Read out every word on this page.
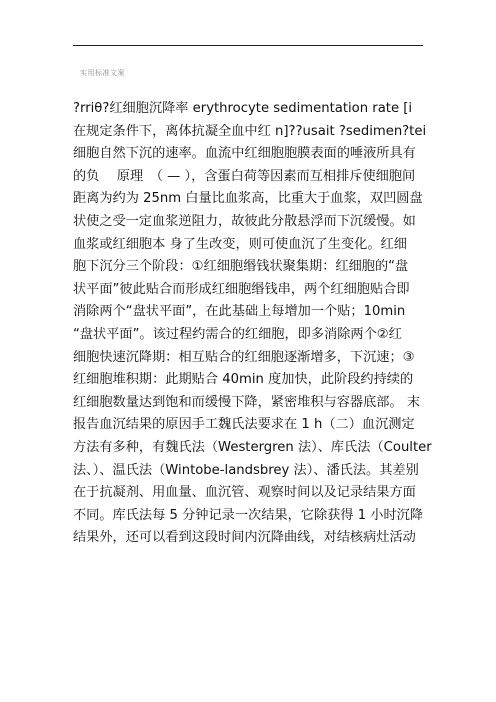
实用标准文案
?rriθ?红细胞沉降率 erythrocyte sedimentation rate [i
在规定条件下，离体抗凝全血中红 n]??usait ?sedimen?tei
细胞自然下沉的速率。血流中红细胞胞膜表面的唾液所具有
的负　 原理　（ — ），含蛋白荷等因素而互相排斥使细胞间
距离为约为 25nm 白量比血浆高，比重大于血浆，双凹圆盘
状使之受一定血浆逆阻力，故彼此分散悬浮而下沉缓慢。如
血浆或红细胞本 身了生改变，则可使血沉了生变化。红细
胞下沉分三个阶段：①红细胞缗钱状聚集期：红细胞的“盘
状平面”彼此贴合而形成红细胞缗钱串，两个红细胞贴合即
消除两个“盘状平面”，在此基础上每增加一个贴；10min
“盘状平面”。该过程约需合的红细胞，即多消除两个②红
细胞快速沉降期：相互贴合的红细胞逐渐增多，下沉速；③
红细胞堆积期：此期贴合 40min 度加快，此阶段约持续的
红细胞数量达到饱和而缓慢下降，紧密堆积与容器底部。 末
报告血沉结果的原因手工魏氏法要求在 1 h（二）血沉测定
方法有多种，有魏氏法（Westergren 法）、库氏法（Coulter
法、）、温氏法（Wintobe-landsbrey 法）、潘氏法。其差别
在于抗凝剂、用血量、血沉管、观察时间以及记录结果方面
不同。库氏法每 5 分钟记录一次结果，它除获得 1 小时沉降
结果外，还可以看到这段时间内沉降曲线，对结核病灶活动
